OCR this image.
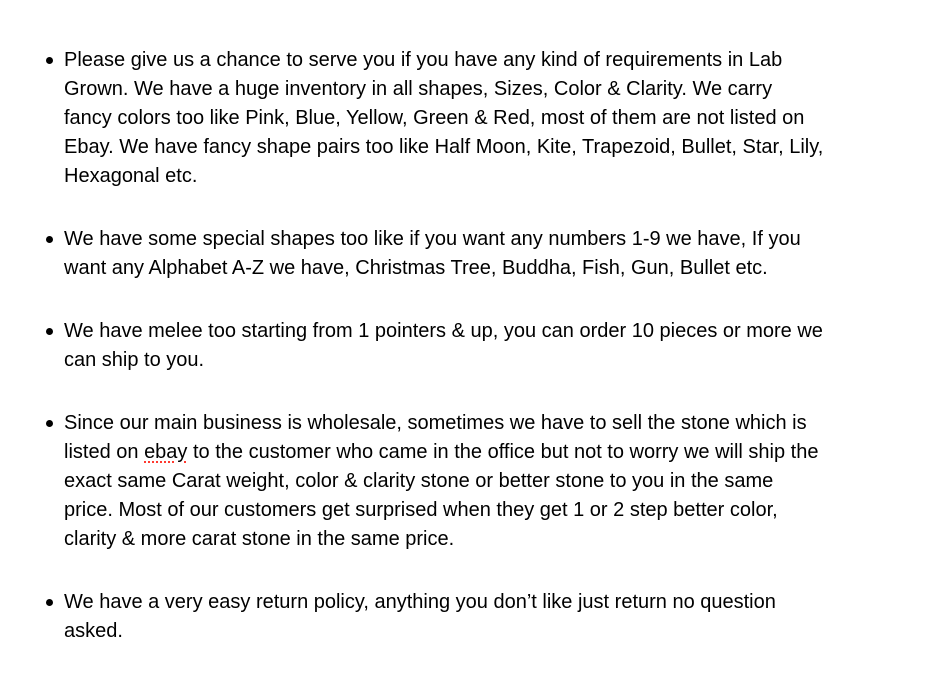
Please give us a chance to serve you if you have any kind of requirements in Lab
Grown. We have a huge inventory in all shapes, Sizes, Color & Clarity. We carry
fancy colors too like Pink, Blue, Yellow, Green & Red, most of them are not listed on
Ebay. We have fancy shape pairs too like Half Moon, Kite, Trapezoid, Bullet, Star, Lily,
Hexagonal etc.
We have some special shapes too like if you want any numbers 1-9 we have, If you
want any Alphabet A-Z we have, Christmas Tree, Buddha, Fish, Gun, Bullet etc.
We have melee too starting from 1 pointers & up, you can order 10 pieces or more we
can ship to you.
Since our main business is wholesale, sometimes we have to sell the stone which is
listed on ebay to the customer who came in the office but not to worry we will ship the
exact same Carat weight, color & clarity stone or better stone to you in the same
price. Most of our customers get surprised when they get 1 or 2 step better color,
clarity & more carat stone in the same price.
We have a very easy return policy, anything you don’t like just return no question
asked.
